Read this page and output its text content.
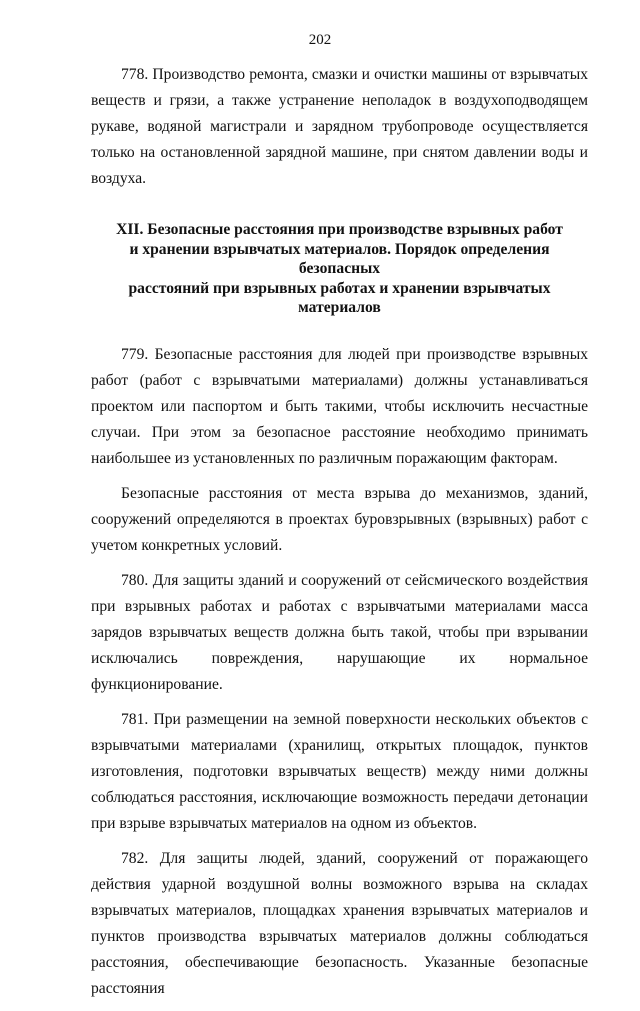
202

778. Производство ремонта, смазки и очистки машины от взрывчатых веществ и грязи, а также устранение неполадок в воздухоподводящем рукаве, водяной магистрали и зарядном трубопроводе осуществляется только на остановленной зарядной машине, при снятом давлении воды и воздуха.

XII. Безопасные расстояния при производстве взрывных работ
и хранении взрывчатых материалов. Порядок определения безопасных
расстояний при взрывных работах и хранении взрывчатых материалов

779. Безопасные расстояния для людей при производстве взрывных работ (работ с взрывчатыми материалами) должны устанавливаться проектом или паспортом и быть такими, чтобы исключить несчастные случаи. При этом за безопасное расстояние необходимо принимать наибольшее из установленных по различным поражающим факторам.

Безопасные расстояния от места взрыва до механизмов, зданий, сооружений определяются в проектах буровзрывных (взрывных) работ с учетом конкретных условий.

780. Для защиты зданий и сооружений от сейсмического воздействия при взрывных работах и работах с взрывчатыми материалами масса зарядов взрывчатых веществ должна быть такой, чтобы при взрывании исключались повреждения, нарушающие их нормальное функционирование.

781. При размещении на земной поверхности нескольких объектов с взрывчатыми материалами (хранилищ, открытых площадок, пунктов изготовления, подготовки взрывчатых веществ) между ними должны соблюдаться расстояния, исключающие возможность передачи детонации при взрыве взрывчатых материалов на одном из объектов.

782. Для защиты людей, зданий, сооружений от поражающего действия ударной воздушной волны возможного взрыва на складах взрывчатых материалов, площадках хранения взрывчатых материалов и пунктов производства взрывчатых материалов должны соблюдаться расстояния, обеспечивающие безопасность. Указанные безопасные расстояния
